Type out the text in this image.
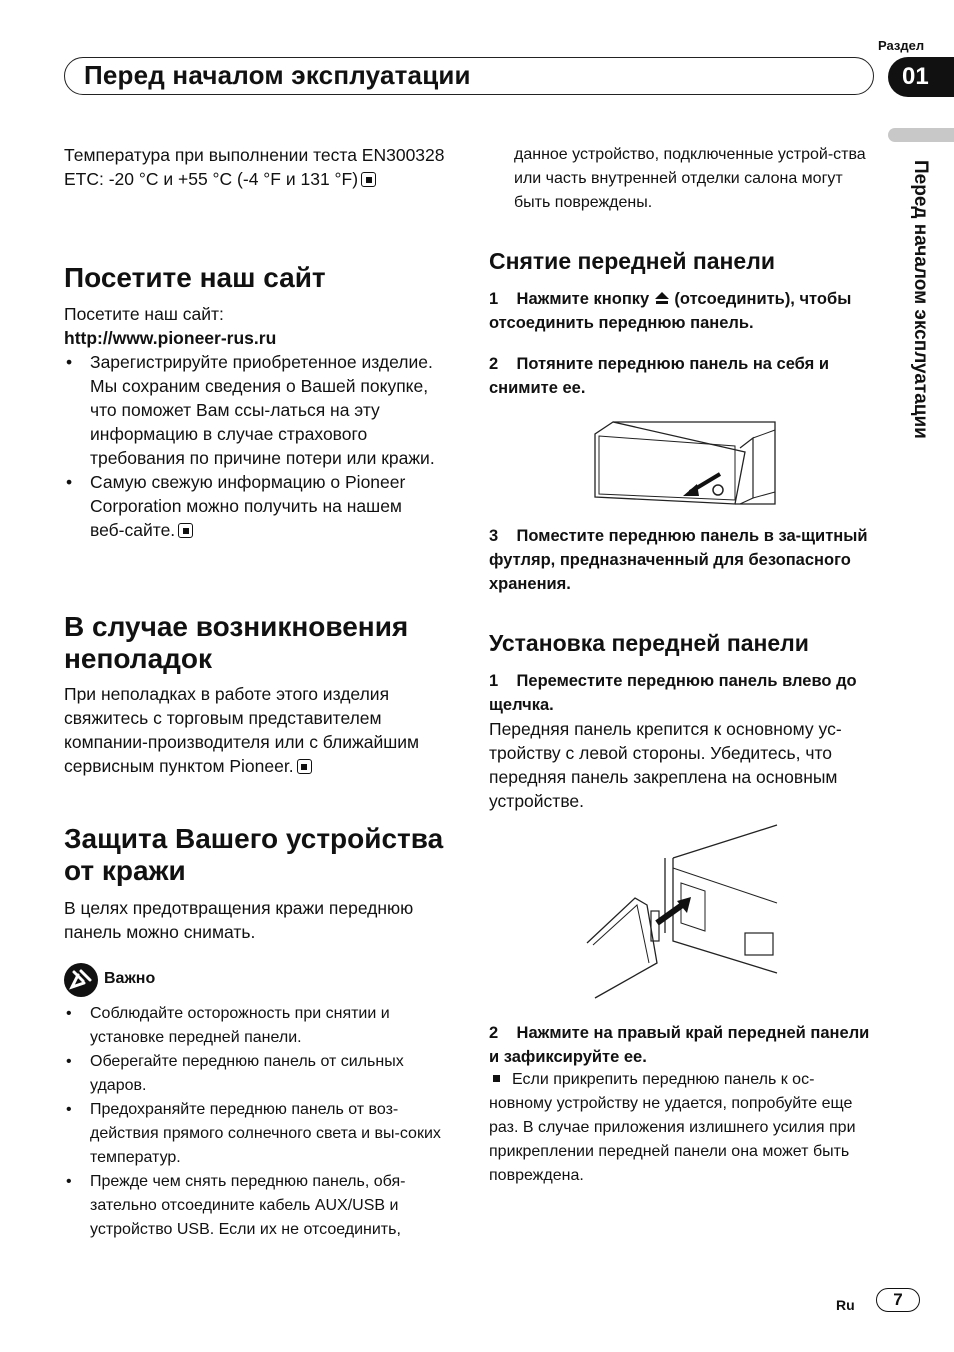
Перед началом эксплуатации
Раздел
01
Перед началом эксплуатации
Температура при выполнении теста EN300328 ETC: -20 °C и +55 °C (-4 °F и 131 °F)
Посетите наш сайт
Посетите наш сайт:
http://www.pioneer-rus.ru
• Зарегистрируйте приобретенное изделие. Мы сохраним сведения о Вашей покупке, что поможет Вам ссы-латься на эту информацию в случае страхового требования по причине потери или кражи.
• Самую свежую информацию о Pioneer Corporation можно получить на нашем веб-сайте.
В случае возникновения неполадок
При неполадках в работе этого изделия свяжитесь с торговым представителем компании-производителя или с ближайшим сервисным пунктом Pioneer.
Защита Вашего устройства от кражи
В целях предотвращения кражи переднюю панель можно снимать.
Важно
• Соблюдайте осторожность при снятии и установке передней панели.
• Оберегайте переднюю панель от сильных ударов.
• Предохраняйте переднюю панель от воз-действия прямого солнечного света и вы-соких температур.
• Прежде чем снять переднюю панель, обя-зательно отсоедините кабель AUX/USB и устройство USB. Если их не отсоединить,
данное устройство, подключенные устрой-ства или часть внутренней отделки салона могут быть повреждены.
Снятие передней панели
1 Нажмите кнопку (отсоединить), чтобы отсоединить переднюю панель.
2 Потяните переднюю панель на себя и снимите ее.
3 Поместите переднюю панель в за-щитный футляр, предназначенный для безопасного хранения.
Установка передней панели
1 Переместите переднюю панель влево до щелчка.
Передняя панель крепится к основному ус-тройству с левой стороны. Убедитесь, что передняя панель закреплена на основным устройстве.
2 Нажмите на правый край передней панели и зафиксируйте ее.
Если прикрепить переднюю панель к ос-новному устройству не удается, попробуйте еще раз. В случае приложения излишнего усилия при прикреплении передней панели она может быть повреждена.
Ru	7
